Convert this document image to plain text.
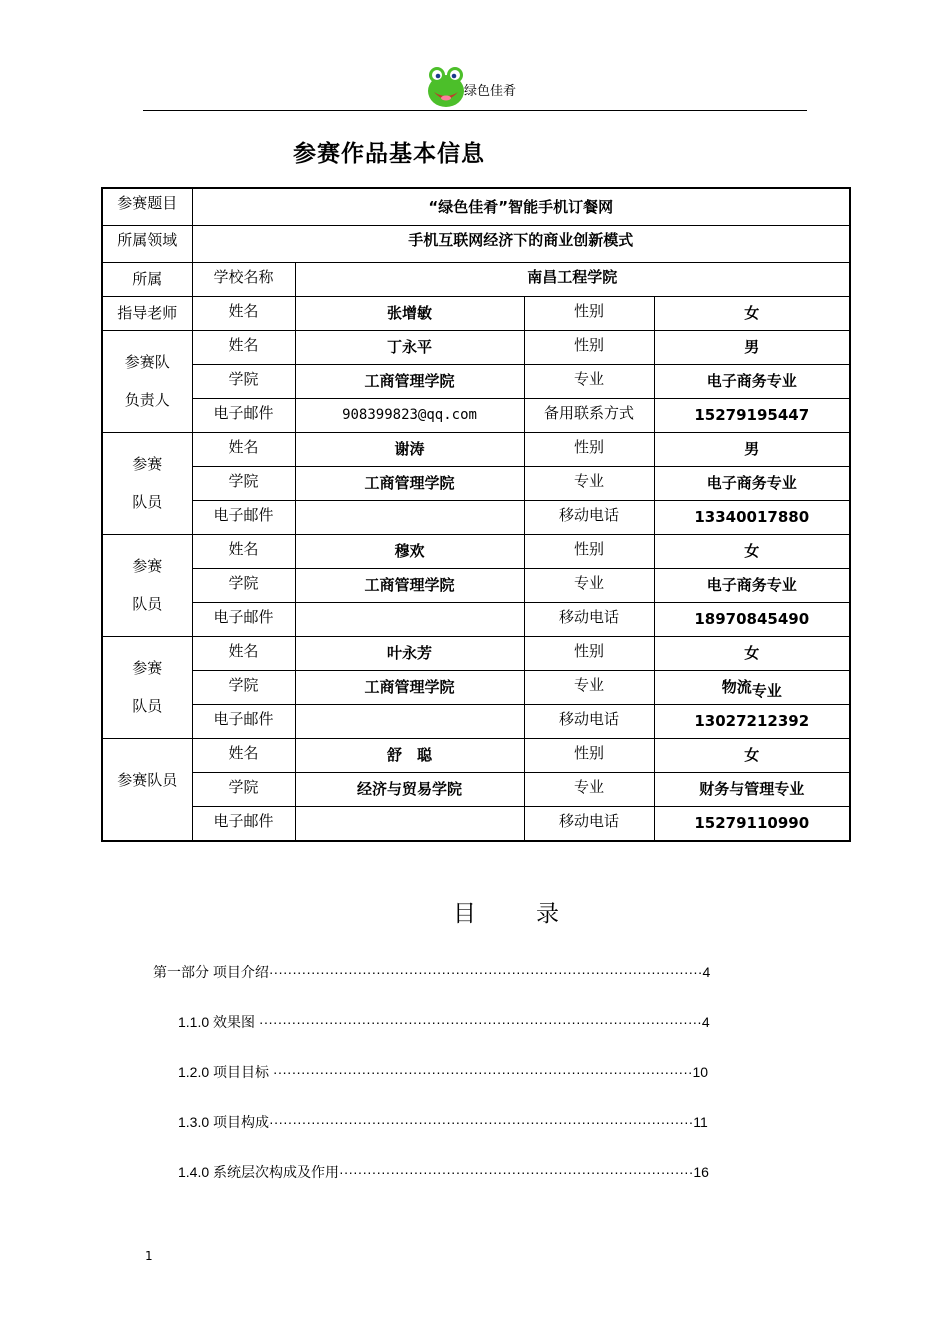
绿色佳肴
参赛作品基本信息
参赛题目	“绿色佳肴”智能手机订餐网			
所属领域	手机互联网经济下的商业创新模式			
所属	学校名称	南昌工程学院		
指导老师	姓名	张增敏	性别	女
参赛队
负责人	姓名	丁永平	性别	男
	学院	工商管理学院	专业	电子商务专业
	电子邮件	908399823@qq.com	备用联系方式	15279195447
参赛
队员	姓名	谢涛	性别	男
	学院	工商管理学院	专业	电子商务专业
	电子邮件		移动电话	13340017880
参赛
队员	姓名	穆欢	性别	女
	学院	工商管理学院	专业	电子商务专业
	电子邮件		移动电话	18970845490
参赛
队员	姓名	叶永芳	性别	女
	学院	工商管理学院	专业	物流专业
	电子邮件		移动电话	13027212392
参赛队员	姓名	舒　聪	性别	女
	学院	经济与贸易学院	专业	财务与管理专业
	电子邮件		移动电话	15279110990
目录
第一部分 项目介绍·····························································································4
1.1.0 效果图 ·······························································································4
1.2.0 项目目标 ··························································································10
1.3.0 项目构成···························································································11
1.4.0 系统层次构成及作用············································································16
1
